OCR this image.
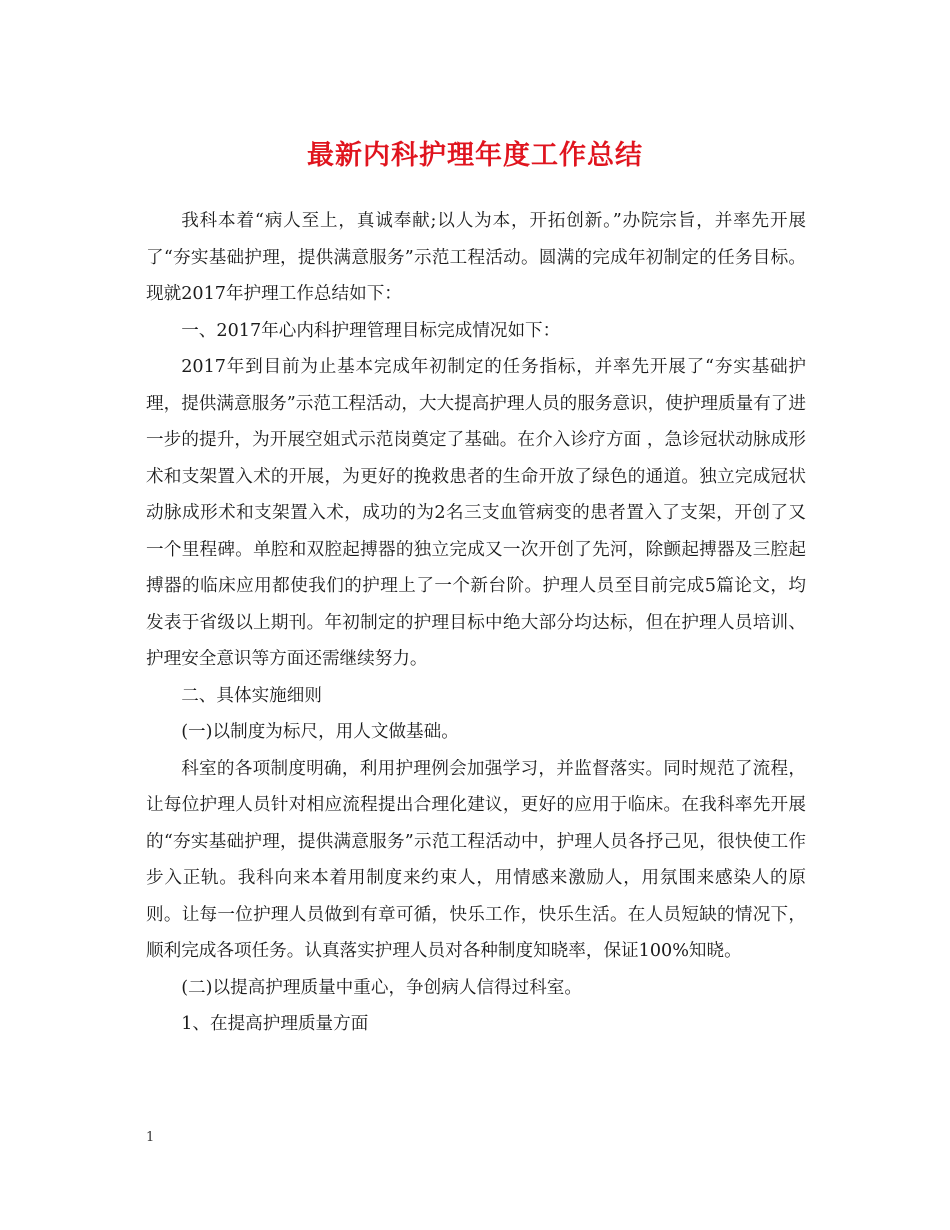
最新内科护理年度工作总结

我科本着“病人至上，真诚奉献;以人为本，开拓创新。”办院宗旨，并率先开展了“夯实基础护理，提供满意服务”示范工程活动。圆满的完成年初制定的任务目标。现就2017年护理工作总结如下：

一、2017年心内科护理管理目标完成情况如下：

2017年到目前为止基本完成年初制定的任务指标，并率先开展了“夯实基础护理，提供满意服务”示范工程活动，大大提高护理人员的服务意识，使护理质量有了进一步的提升，为开展空姐式示范岗奠定了基础。在介入诊疗方面 ，急诊冠状动脉成形术和支架置入术的开展，为更好的挽救患者的生命开放了绿色的通道。独立完成冠状动脉成形术和支架置入术，成功的为2名三支血管病变的患者置入了支架，开创了又一个里程碑。单腔和双腔起搏器的独立完成又一次开创了先河，除颤起搏器及三腔起搏器的临床应用都使我们的护理上了一个新台阶。护理人员至目前完成5篇论文，均发表于省级以上期刊。年初制定的护理目标中绝大部分均达标，但在护理人员培训、护理安全意识等方面还需继续努力。

二、具体实施细则

(一)以制度为标尺，用人文做基础。

科室的各项制度明确，利用护理例会加强学习，并监督落实。同时规范了流程，让每位护理人员针对相应流程提出合理化建议，更好的应用于临床。在我科率先开展的“夯实基础护理，提供满意服务”示范工程活动中，护理人员各抒己见，很快使工作步入正轨。我科向来本着用制度来约束人，用情感来激励人，用氛围来感染人的原则。让每一位护理人员做到有章可循，快乐工作，快乐生活。在人员短缺的情况下，顺利完成各项任务。认真落实护理人员对各种制度知晓率，保证100%知晓。

(二)以提高护理质量中重心，争创病人信得过科室。

1、在提高护理质量方面

1
